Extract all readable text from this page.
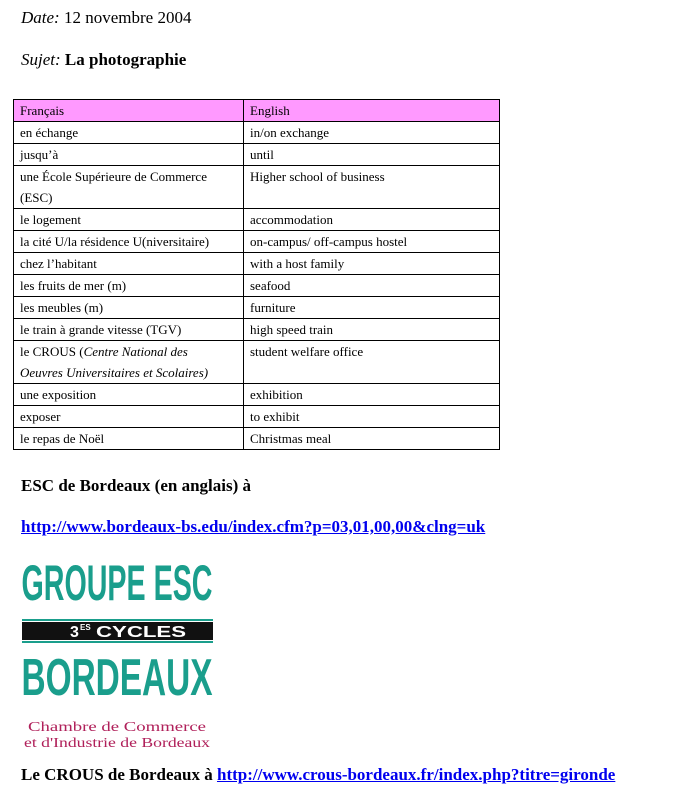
Date: 12 novembre 2004
Sujet: La photographie
Français	English
en échange	in/on exchange
jusqu’à	until
une École Supérieure de Commerce (ESC)	Higher school of business
le logement	accommodation
la cité U/la résidence U(niversitaire)	on-campus/ off-campus hostel
chez l’habitant	with a host family
les fruits de mer (m)	seafood
les meubles (m)	furniture
le train à grande vitesse (TGV)	high speed train
le CROUS (Centre National des
Oeuvres Universitaires et Scolaires)	student welfare office
une exposition	exhibition
exposer	to exhibit
le repas de Noël	Christmas meal
ESC de Bordeaux (en anglais) à
http://www.bordeaux-bs.edu/index.cfm?p=03,01,00,00&clng=uk
GROUPE ESC
3 ES CYCLES
BORDEAUX
Chambre de Commerce
et d'Industrie de Bordeaux
Le CROUS de Bordeaux à http://www.crous-bordeaux.fr/index.php?titre=gironde
